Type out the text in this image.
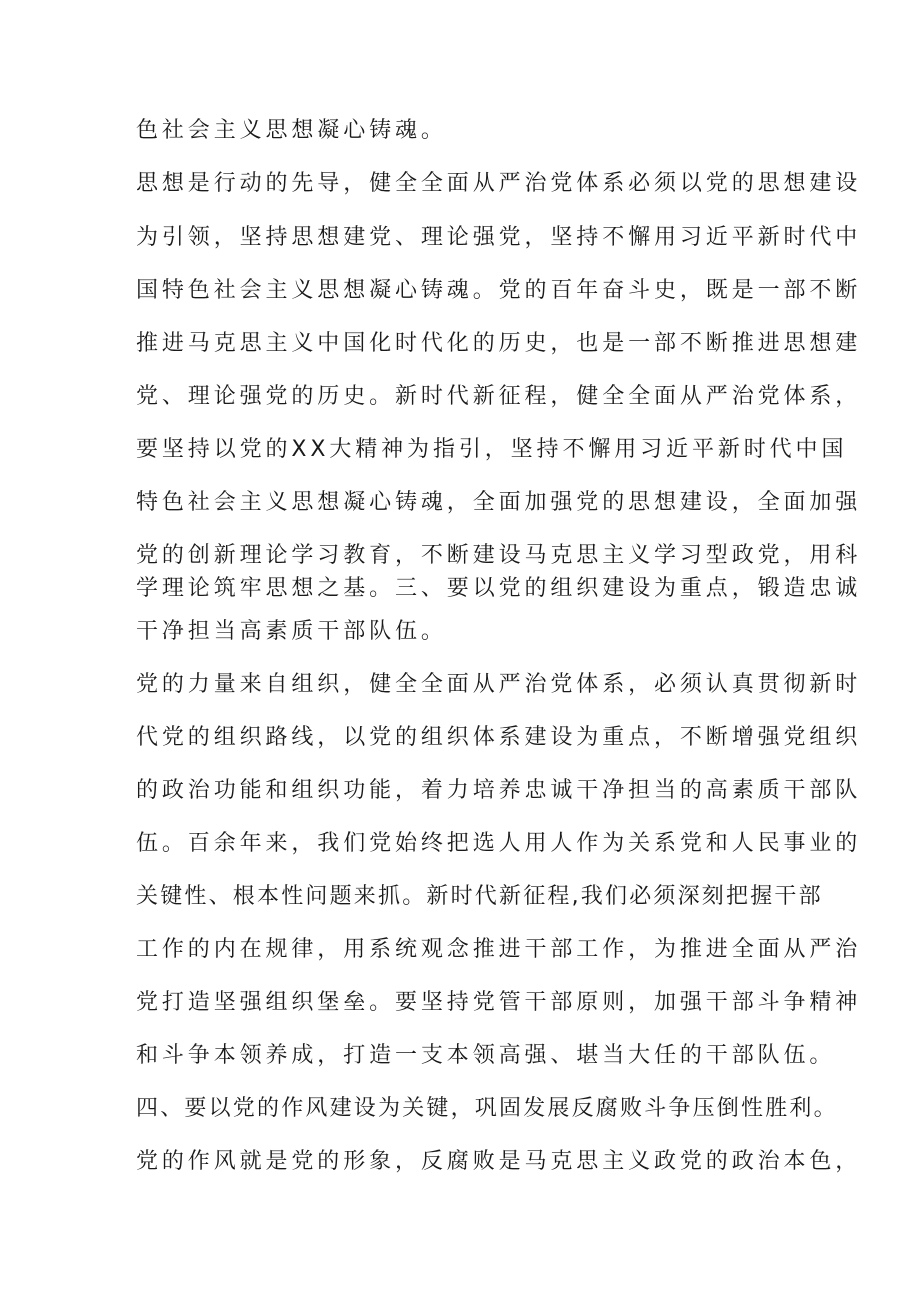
色社会主义思想凝心铸魂。

思想是行动的先导，健全全面从严治党体系必须以党的思想建设

为引领，坚持思想建党、理论强党，坚持不懈用习近平新时代中

国特色社会主义思想凝心铸魂。党的百年奋斗史，既是一部不断

推进马克思主义中国化时代化的历史，也是一部不断推进思想建

党、理论强党的历史。新时代新征程，健全全面从严治党体系，

要坚持以党的XX大精神为指引，坚持不懈用习近平新时代中国

特色社会主义思想凝心铸魂，全面加强党的思想建设，全面加强

党的创新理论学习教育，不断建设马克思主义学习型政党，用科

学理论筑牢思想之基。三、要以党的组织建设为重点，锻造忠诚

干净担当高素质干部队伍。

党的力量来自组织，健全全面从严治党体系，必须认真贯彻新时

代党的组织路线，以党的组织体系建设为重点，不断增强党组织

的政治功能和组织功能，着力培养忠诚干净担当的高素质干部队

伍。百余年来，我们党始终把选人用人作为关系党和人民事业的

关键性、根本性问题来抓。新时代新征程,我们必须深刻把握干部

工作的内在规律，用系统观念推进干部工作，为推进全面从严治

党打造坚强组织堡垒。要坚持党管干部原则，加强干部斗争精神

和斗争本领养成，打造一支本领高强、堪当大任的干部队伍。

四、要以党的作风建设为关键，巩固发展反腐败斗争压倒性胜利。

党的作风就是党的形象，反腐败是马克思主义政党的政治本色，
